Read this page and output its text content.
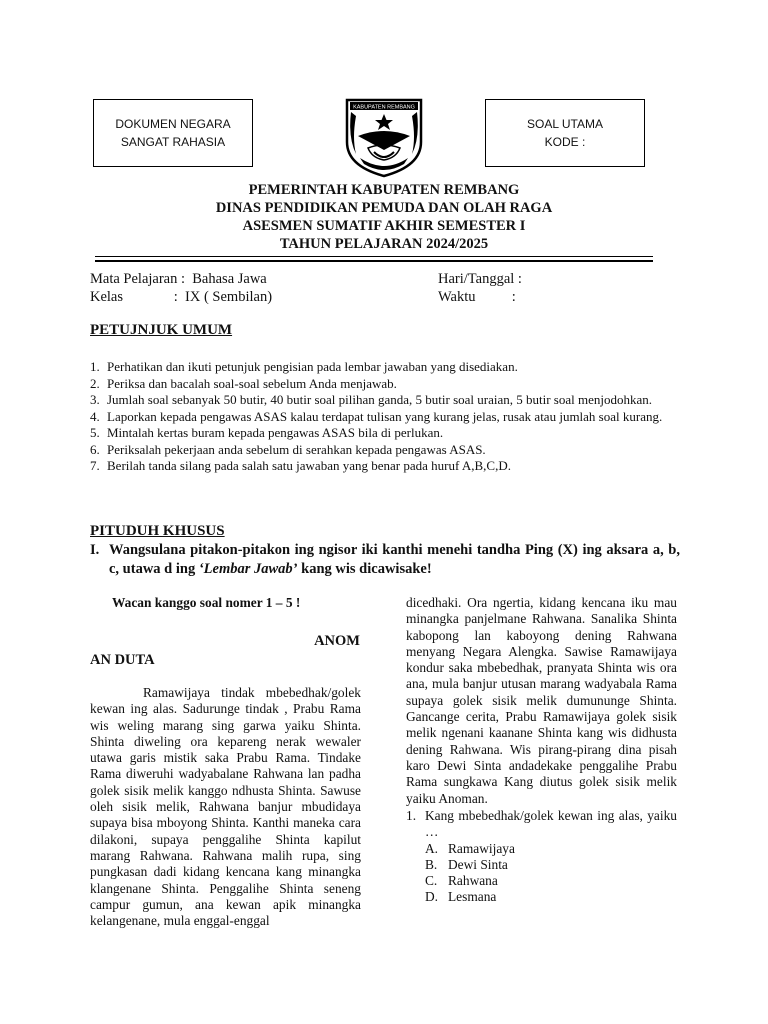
DOKUMEN NEGARA
SANGAT RAHASIA
SOAL UTAMA
KODE :
KABUPATEN REMBANG
PEMERINTAH KABUPATEN REMBANG
DINAS PENDIDIKAN PEMUDA DAN OLAH RAGA
ASESMEN SUMATIF AKHIR SEMESTER I
TAHUN PELAJARAN 2024/2025
Mata Pelajaran :  Bahasa Jawa
Kelas              :  IX ( Sembilan)
Hari/Tanggal :
Waktu          :
PETUJNJUK UMUM
1. Perhatikan dan ikuti petunjuk pengisian pada lembar jawaban yang disediakan.
2. Periksa dan bacalah soal-soal sebelum Anda menjawab.
3. Jumlah soal sebanyak 50 butir, 40 butir soal pilihan ganda, 5 butir soal uraian, 5 butir soal menjodohkan.
4. Laporkan kepada pengawas ASAS kalau terdapat tulisan yang kurang jelas, rusak atau jumlah soal kurang.
5. Mintalah kertas buram kepada pengawas ASAS bila di perlukan.
6. Periksalah pekerjaan anda sebelum di serahkan kepada pengawas ASAS.
7. Berilah tanda silang pada salah satu jawaban yang benar pada huruf A,B,C,D.
PITUDUH KHUSUS
I. Wangsulana pitakon-pitakon ing ngisor iki kanthi menehi tandha Ping (X) ing aksara a, b, c, utawa d ing ‘Lembar Jawab’ kang wis dicawisake!
Wacan kanggo soal nomer 1 – 5 !
ANOM
AN DUTA

Ramawijaya tindak mbebedhak/golek kewan ing alas. Sadurunge tindak , Prabu Rama wis weling marang sing garwa yaiku Shinta. Shinta diweling ora kepareng nerak wewaler utawa garis mistik saka Prabu Rama. Tindake Rama diweruhi wadyabalane Rahwana lan padha golek sisik melik kanggo ndhusta Shinta. Sawuse oleh sisik melik, Rahwana banjur mbudidaya supaya bisa mboyong Shinta. Kanthi maneka cara dilakoni, supaya penggalihe Shinta kapilut marang Rahwana. Rahwana malih rupa, sing pungkasan dadi kidang kencana kang minangka klangenane Shinta. Penggalihe Shinta seneng campur gumun, ana kewan apik minangka kelangenane, mula enggal-enggal

dicedhaki. Ora ngertia, kidang kencana iku mau minangka panjelmane Rahwana. Sanalika Shinta kabopong lan kaboyong dening Rahwana menyang Negara Alengka. Sawise Ramawijaya kondur saka mbebedhak, pranyata Shinta wis ora ana, mula banjur utusan marang wadyabala Rama supaya golek sisik melik dumununge Shinta. Gancange cerita, Prabu Ramawijaya golek sisik melik ngenani kaanane Shinta kang wis didhusta dening Rahwana. Wis pirang-pirang dina pisah karo Dewi Sinta andadekake penggalihe Prabu Rama sungkawa Kang diutus golek sisik melik yaiku Anoman.

1. Kang mbebedhak/golek kewan ing alas, yaiku …

A. Ramawijaya
B. Dewi Sinta
C. Rahwana
D. Lesmana
